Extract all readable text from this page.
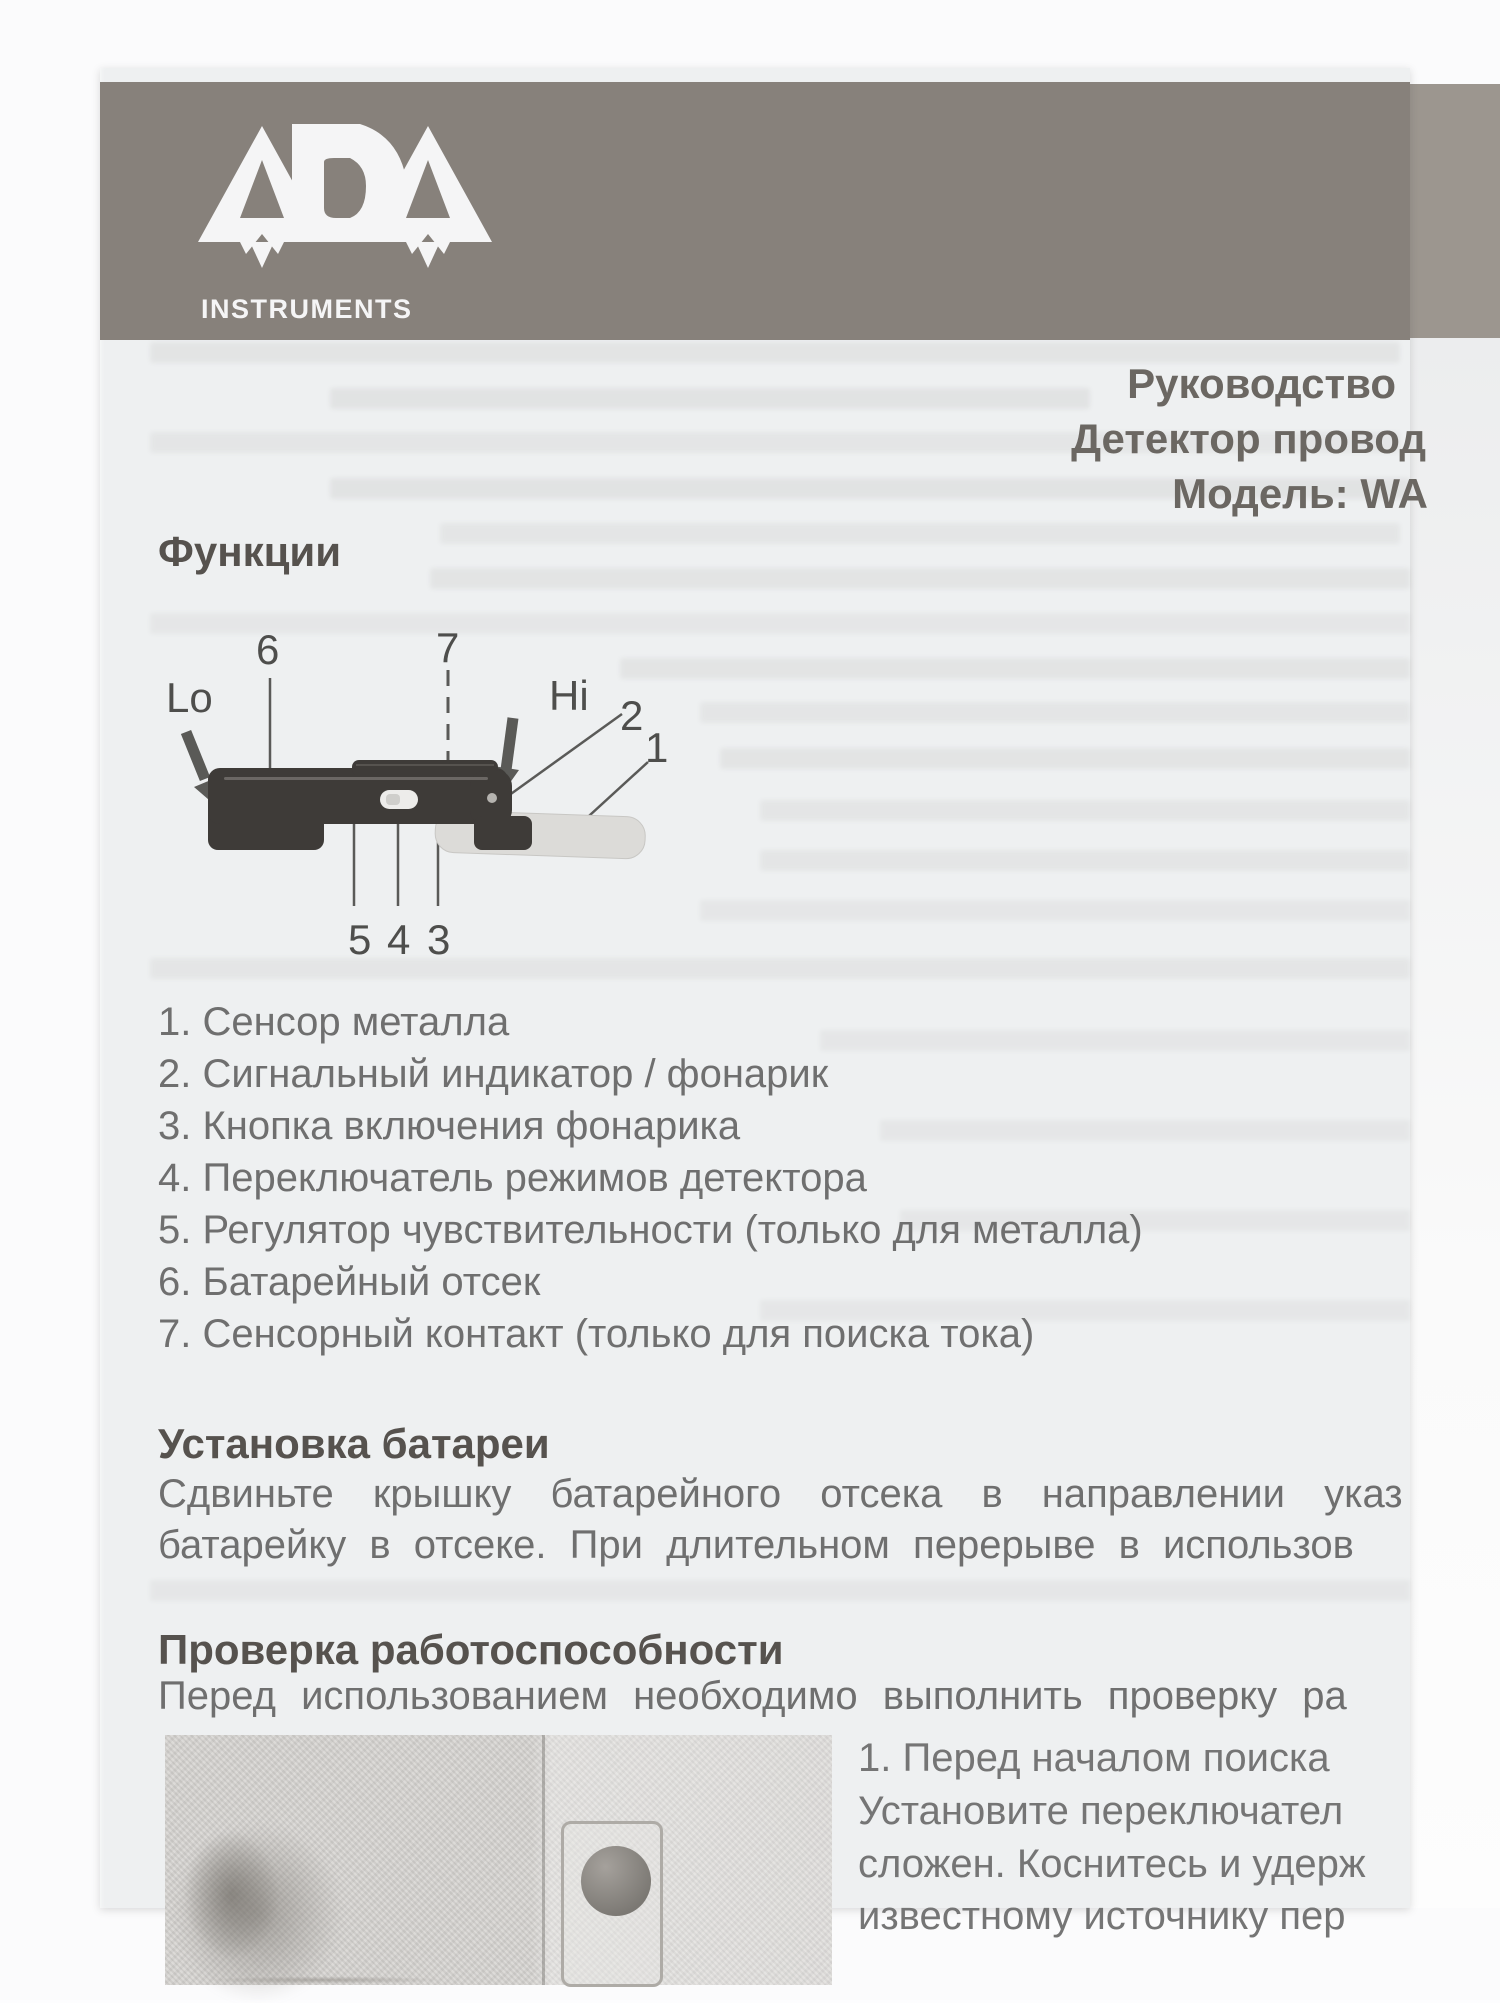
INSTRUMENTS
Руководство
Детектор провод
Модель: WA
Функции
Lo	Hi
6	7
2
1
5 4 3
1. Сенсор металла
2. Сигнальный индикатор / фонарик
3. Кнопка включения фонарика
4. Переключатель режимов детектора
5. Регулятор чувствительности (только для металла)
6. Батарейный отсек
7. Сенсорный контакт (только для поиска тока)
Установка батареи
Сдвиньте крышку батарейного отсека в направлении указ
батарейку в отсеке. При длительном перерыве в использов
Проверка работоспособности
Перед использованием необходимо выполнить проверку ра
1. Перед началом поиска
Установите переключател
сложен. Коснитесь и удерж
известному источнику пер
